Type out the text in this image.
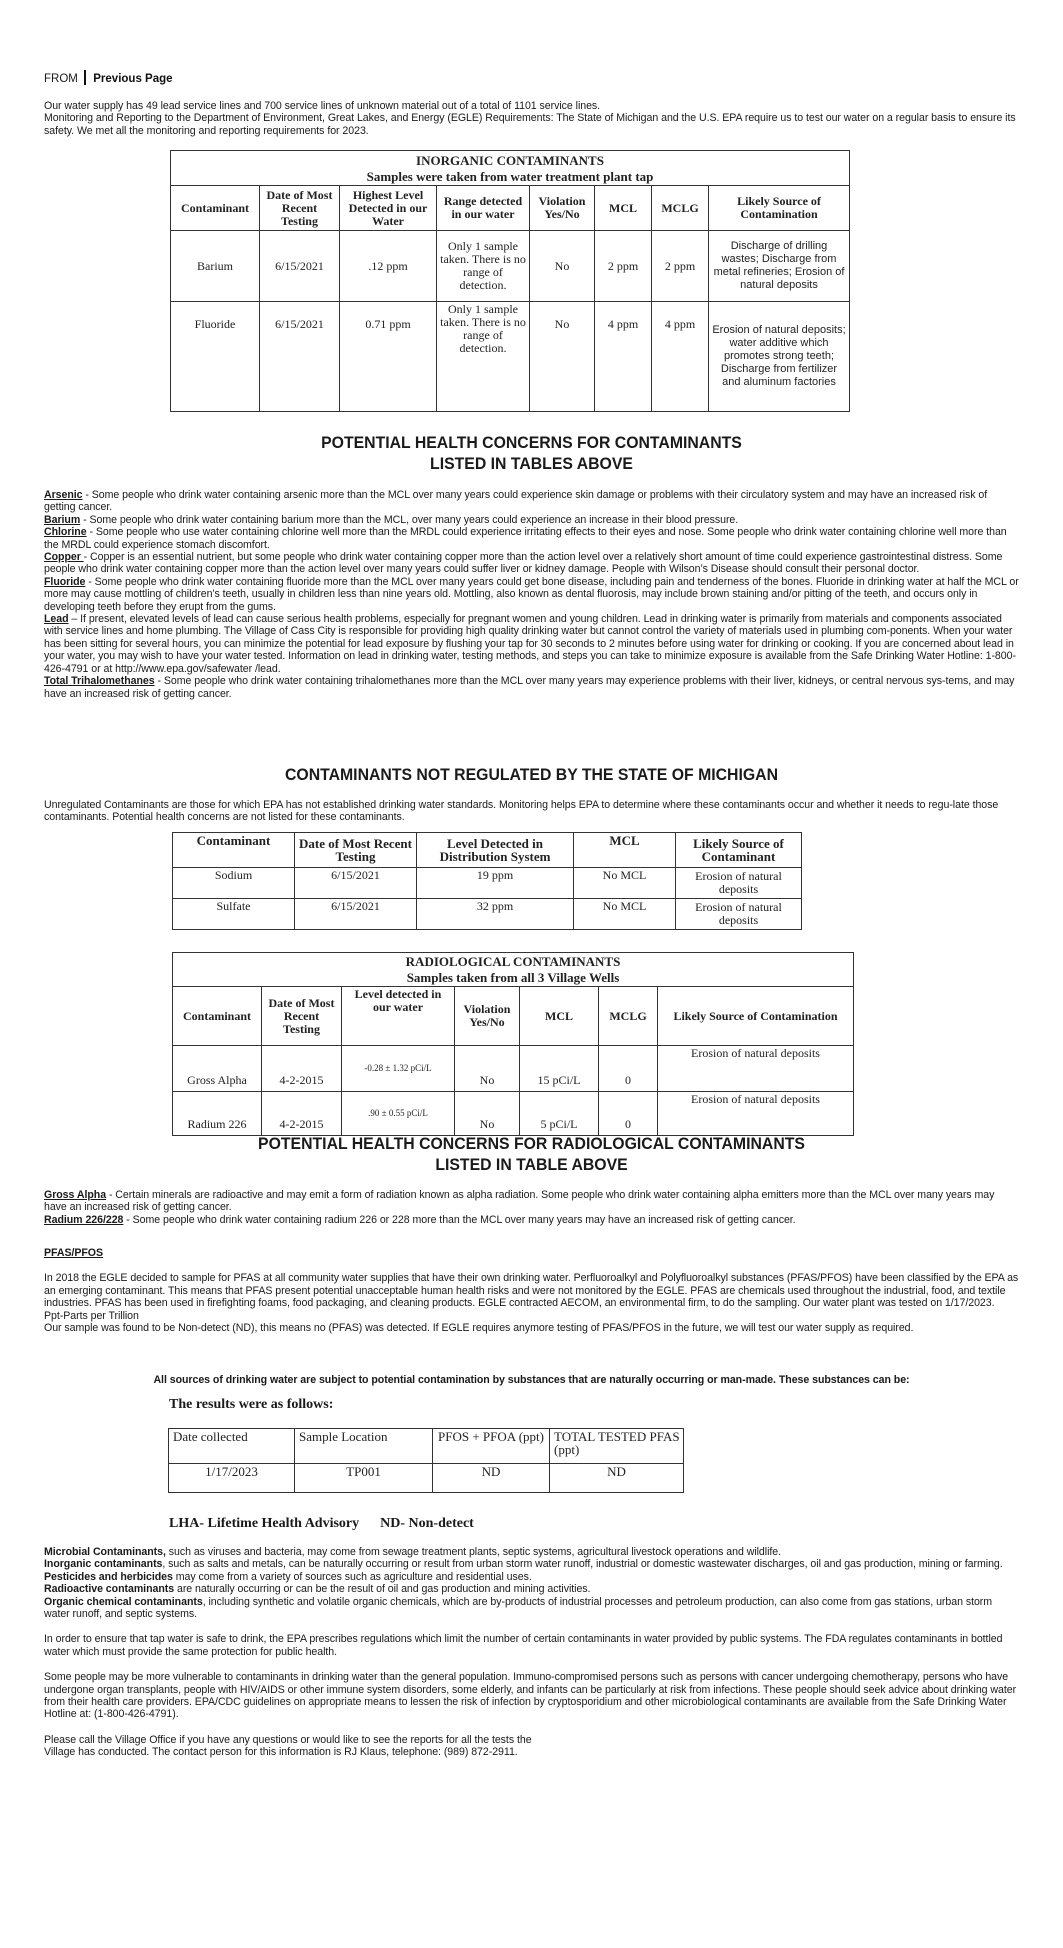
FROM Previous Page
Our water supply has 49 lead service lines and 700 service lines of unknown material out of a total of 1101 service lines.
Monitoring and Reporting to the Department of Environment, Great Lakes, and Energy (EGLE) Requirements: The State of Michigan and the U.S. EPA require us to test our water on a regular basis to ensure its safety. We met all the monitoring and reporting requirements for 2023.
INORGANIC CONTAMINANTS							
Samples were taken from water treatment plant tap							
Contaminant	Date of Most Recent Testing	Highest Level Detected in our Water	Range detected in our water	Violation Yes/No	MCL	MCLG	Likely Source of Contamination
Barium	6/15/2021	.12 ppm	Only 1 sample taken. There is no range of detection.	No	2 ppm	2 ppm	Discharge of drilling wastes; Discharge from metal refineries; Erosion of natural deposits
Fluoride	6/15/2021	0.71 ppm	Only 1 sample taken. There is no range of detection.	No	4 ppm	4 ppm	Erosion of natural deposits; water additive which promotes strong teeth; Discharge from fertilizer and aluminum factories
POTENTIAL HEALTH CONCERNS FOR CONTAMINANTS
LISTED IN TABLES ABOVE
Arsenic - Some people who drink water containing arsenic more than the MCL over many years could experience skin damage or problems with their circulatory system and may have an increased risk of getting cancer.
Barium - Some people who drink water containing barium more than the MCL, over many years could experience an increase in their blood pressure.
Chlorine - Some people who use water containing chlorine well more than the MRDL could experience irritating effects to their eyes and nose. Some people who drink water containing chlorine well more than the MRDL could experience stomach discomfort.
Copper - Copper is an essential nutrient, but some people who drink water containing copper more than the action level over a relatively short amount of time could experience gastrointestinal distress. Some people who drink water containing copper more than the action level over many years could suffer liver or kidney damage. People with Wilson’s Disease should consult their personal doctor.
Fluoride - Some people who drink water containing fluoride more than the MCL over many years could get bone disease, including pain and tenderness of the bones. Fluoride in drinking water at half the MCL or more may cause mottling of children’s teeth, usually in children less than nine years old. Mottling, also known as dental fluorosis, may include brown staining and/or pitting of the teeth, and occurs only in developing teeth before they erupt from the gums.
Lead – If present, elevated levels of lead can cause serious health problems, especially for pregnant women and young children. Lead in drinking water is primarily from materials and components associated with service lines and home plumbing. The Village of Cass City is responsible for providing high quality drinking water but cannot control the variety of materials used in plumbing com-ponents. When your water has been sitting for several hours, you can minimize the potential for lead exposure by flushing your tap for 30 seconds to 2 minutes before using water for drinking or cooking. If you are concerned about lead in your water, you may wish to have your water tested. Information on lead in drinking water, testing methods, and steps you can take to minimize exposure is available from the Safe Drinking Water Hotline: 1-800-426-4791 or at http://www.epa.gov/safewater /lead.
Total Trihalomethanes - Some people who drink water containing trihalomethanes more than the MCL over many years may experience problems with their liver, kidneys, or central nervous sys-tems, and may have an increased risk of getting cancer.
CONTAMINANTS NOT REGULATED BY THE STATE OF MICHIGAN
Unregulated Contaminants are those for which EPA has not established drinking water standards. Monitoring helps EPA to determine where these contaminants occur and whether it needs to regu-late those contaminants. Potential health concerns are not listed for these contaminants.
Contaminant	Date of Most Recent Testing	Level Detected in Distribution System	MCL	Likely Source of Contaminant
Sodium	6/15/2021	19 ppm	No MCL	Erosion of natural deposits
Sulfate	6/15/2021	32 ppm	No MCL	Erosion of natural deposits
RADIOLOGICAL CONTAMINANTS						
Samples taken from all 3 Village Wells						
Contaminant	Date of Most Recent Testing	Level detected in our water	Violation Yes/No	MCL	MCLG	Likely Source of Contamination
Gross Alpha	4-2-2015	-0.28 ± 1.32 pCi/L	No	15 pCi/L	0	Erosion of natural deposits
Radium 226	4-2-2015	.90 ± 0.55 pCi/L	No	5 pCi/L	0	Erosion of natural deposits
POTENTIAL HEALTH CONCERNS FOR RADIOLOGICAL CONTAMINANTS
LISTED IN TABLE ABOVE
Gross Alpha - Certain minerals are radioactive and may emit a form of radiation known as alpha radiation. Some people who drink water containing alpha emitters more than the MCL over many years may have an increased risk of getting cancer.
Radium 226/228 - Some people who drink water containing radium 226 or 228 more than the MCL over many years may have an increased risk of getting cancer.
PFAS/PFOS
In 2018 the EGLE decided to sample for PFAS at all community water supplies that have their own drinking water. Perfluoroalkyl and Polyfluoroalkyl substances (PFAS/PFOS) have been classified by the EPA as an emerging contaminant. This means that PFAS present potential unacceptable human health risks and were not monitored by the EGLE. PFAS are chemicals used throughout the industrial, food, and textile industries. PFAS has been used in firefighting foams, food packaging, and cleaning products. EGLE contracted AECOM, an environmental firm, to do the sampling. Our water plant was tested on 1/17/2023.
Ppt-Parts per Trillion
Our sample was found to be Non-detect (ND), this means no (PFAS) was detected. If EGLE requires anymore testing of PFAS/PFOS in the future, we will test our water supply as required.
All sources of drinking water are subject to potential contamination by substances that are naturally occurring or man-made. These substances can be:
The results were as follows:
Date collected	Sample Location	PFOS + PFOA (ppt)	TOTAL TESTED PFAS (ppt)
1/17/2023	TP001	ND	ND
LHA- Lifetime Health Advisory      ND- Non-detect
Microbial Contaminants, such as viruses and bacteria, may come from sewage treatment plants, septic systems, agricultural livestock operations and wildlife.
Inorganic contaminants, such as salts and metals, can be naturally occurring or result from urban storm water runoff, industrial or domestic wastewater discharges, oil and gas production, mining or farming.
Pesticides and herbicides may come from a variety of sources such as agriculture and residential uses.
Radioactive contaminants are naturally occurring or can be the result of oil and gas production and mining activities.
Organic chemical contaminants, including synthetic and volatile organic chemicals, which are by-products of industrial processes and petroleum production, can also come from gas stations, urban storm water runoff, and septic systems.
In order to ensure that tap water is safe to drink, the EPA prescribes regulations which limit the number of certain contaminants in water provided by public systems. The FDA regulates contaminants in bottled water which must provide the same protection for public health.
Some people may be more vulnerable to contaminants in drinking water than the general population. Immuno-compromised persons such as persons with cancer undergoing chemotherapy, persons who have undergone organ transplants, people with HIV/AIDS or other immune system disorders, some elderly, and infants can be particularly at risk from infections. These people should seek advice about drinking water from their health care providers. EPA/CDC guidelines on appropriate means to lessen the risk of infection by cryptosporidium and other microbiological contaminants are available from the Safe Drinking Water Hotline at: (1-800-426-4791).
Please call the Village Office if you have any questions or would like to see the reports for all the tests the
Village has conducted. The contact person for this information is RJ Klaus, telephone: (989) 872-2911.
